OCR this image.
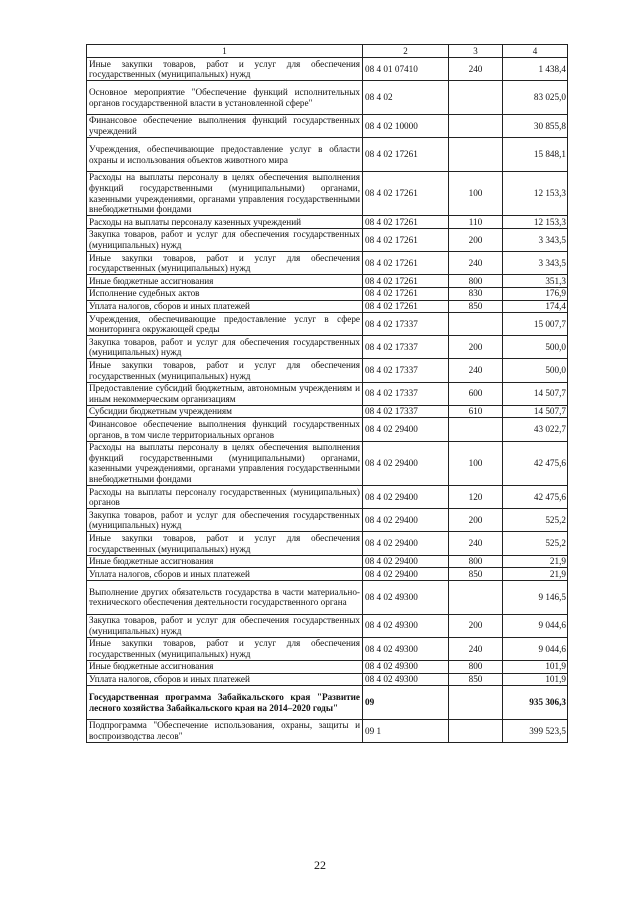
1	2	3	4
Иные закупки товаров, работ и услуг для обеспечения государственных (муниципальных) нужд	08 4 01 07410	240	1 438,4
Основное мероприятие "Обеспечение функций исполнительных органов государственной власти в установленной сфере"	08 4 02		83 025,0
Финансовое обеспечение выполнения функций государственных учреждений	08 4 02 10000		30 855,8
Учреждения, обеспечивающие предоставление услуг в области охраны и использования объектов животного мира	08 4 02 17261		15 848,1
Расходы на выплаты персоналу в целях обеспечения выполнения функций государственными (муниципальными) органами, казенными учреждениями, органами управления государственными внебюджетными фондами	08 4 02 17261	100	12 153,3
Расходы на выплаты персоналу казенных учреждений	08 4 02 17261	110	12 153,3
Закупка товаров, работ и услуг для обеспечения государственных (муниципальных) нужд	08 4 02 17261	200	3 343,5
Иные закупки товаров, работ и услуг для обеспечения государственных (муниципальных) нужд	08 4 02 17261	240	3 343,5
Иные бюджетные ассигнования	08 4 02 17261	800	351,3
Исполнение судебных актов	08 4 02 17261	830	176,9
Уплата налогов, сборов и иных платежей	08 4 02 17261	850	174,4
Учреждения, обеспечивающие предоставление услуг в сфере мониторинга окружающей среды	08 4 02 17337		15 007,7
Закупка товаров, работ и услуг для обеспечения государственных (муниципальных) нужд	08 4 02 17337	200	500,0
Иные закупки товаров, работ и услуг для обеспечения государственных (муниципальных) нужд	08 4 02 17337	240	500,0
Предоставление субсидий бюджетным, автономным учреждениям и иным некоммерческим организациям	08 4 02 17337	600	14 507,7
Субсидии бюджетным учреждениям	08 4 02 17337	610	14 507,7
Финансовое обеспечение выполнения функций государственных органов, в том числе территориальных органов	08 4 02 29400		43 022,7
Расходы на выплаты персоналу в целях обеспечения выполнения функций государственными (муниципальными) органами, казенными учреждениями, органами управления государственными внебюджетными фондами	08 4 02 29400	100	42 475,6
Расходы на выплаты персоналу государственных (муниципальных) органов	08 4 02 29400	120	42 475,6
Закупка товаров, работ и услуг для обеспечения государственных (муниципальных) нужд	08 4 02 29400	200	525,2
Иные закупки товаров, работ и услуг для обеспечения государственных (муниципальных) нужд	08 4 02 29400	240	525,2
Иные бюджетные ассигнования	08 4 02 29400	800	21,9
Уплата налогов, сборов и иных платежей	08 4 02 29400	850	21,9
Выполнение других обязательств государства в части материально-технического обеспечения деятельности государственного органа	08 4 02 49300		9 146,5
Закупка товаров, работ и услуг для обеспечения государственных (муниципальных) нужд	08 4 02 49300	200	9 044,6
Иные закупки товаров, работ и услуг для обеспечения государственных (муниципальных) нужд	08 4 02 49300	240	9 044,6
Иные бюджетные ассигнования	08 4 02 49300	800	101,9
Уплата налогов, сборов и иных платежей	08 4 02 49300	850	101,9
Государственная программа Забайкальского края "Развитие лесного хозяйства Забайкальского края на 2014–2020 годы"	09		935 306,3
Подпрограмма "Обеспечение использования, охраны, защиты и воспроизводства лесов"	09 1		399 523,5
22
